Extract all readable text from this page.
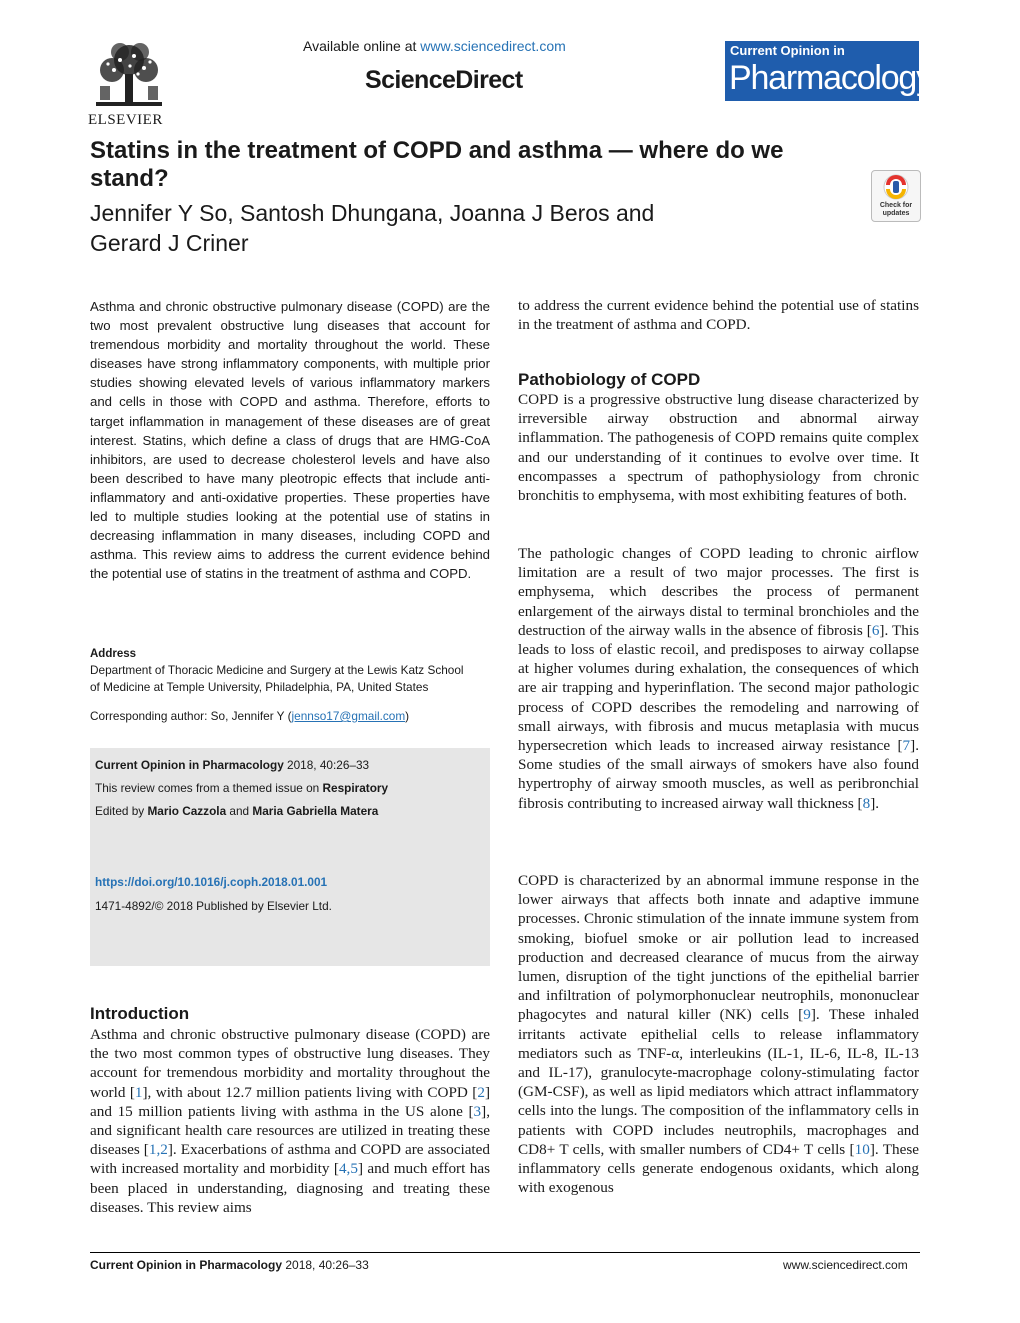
ELSEVIER
Available online at www.sciencedirect.com
ScienceDirect
Current Opinion in
Pharmacology
Statins in the treatment of COPD and asthma — where do we stand?
Jennifer Y So, Santosh Dhungana, Joanna J Beros and
Gerard J Criner
Check for updates
Asthma and chronic obstructive pulmonary disease (COPD) are the two most prevalent obstructive lung diseases that account for tremendous morbidity and mortality throughout the world. These diseases have strong inflammatory components, with multiple prior studies showing elevated levels of various inflammatory markers and cells in those with COPD and asthma. Therefore, efforts to target inflammation in management of these diseases are of great interest. Statins, which define a class of drugs that are HMG-CoA inhibitors, are used to decrease cholesterol levels and have also been described to have many pleotropic effects that include anti-inflammatory and anti-oxidative properties. These properties have led to multiple studies looking at the potential use of statins in decreasing inflammation in many diseases, including COPD and asthma. This review aims to address the current evidence behind the potential use of statins in the treatment of asthma and COPD.
Address
Department of Thoracic Medicine and Surgery at the Lewis Katz School
of Medicine at Temple University, Philadelphia, PA, United States
Corresponding author: So, Jennifer Y (jennso17@gmail.com)
Current Opinion in Pharmacology 2018, 40:26–33
This review comes from a themed issue on Respiratory
Edited by Mario Cazzola and Maria Gabriella Matera
https://doi.org/10.1016/j.coph.2018.01.001
1471-4892/© 2018 Published by Elsevier Ltd.
Introduction
Asthma and chronic obstructive pulmonary disease (COPD) are the two most common types of obstructive lung diseases. They account for tremendous morbidity and mortality throughout the world [1], with about 12.7 million patients living with COPD [2] and 15 million patients living with asthma in the US alone [3], and significant health care resources are utilized in treating these diseases [1,2]. Exacerbations of asthma and COPD are associated with increased mortality and morbidity [4,5] and much effort has been placed in understanding, diagnosing and treating these diseases. This review aims
to address the current evidence behind the potential use of statins in the treatment of asthma and COPD.
Pathobiology of COPD
COPD is a progressive obstructive lung disease characterized by irreversible airway obstruction and abnormal airway inflammation. The pathogenesis of COPD remains quite complex and our understanding of it continues to evolve over time. It encompasses a spectrum of pathophysiology from chronic bronchitis to emphysema, with most exhibiting features of both.
The pathologic changes of COPD leading to chronic airflow limitation are a result of two major processes. The first is emphysema, which describes the process of permanent enlargement of the airways distal to terminal bronchioles and the destruction of the airway walls in the absence of fibrosis [6]. This leads to loss of elastic recoil, and predisposes to airway collapse at higher volumes during exhalation, the consequences of which are air trapping and hyperinflation. The second major pathologic process of COPD describes the remodeling and narrowing of small airways, with fibrosis and mucus metaplasia with mucus hypersecretion which leads to increased airway resistance [7]. Some studies of the small airways of smokers have also found hypertrophy of airway smooth muscles, as well as peribronchial fibrosis contributing to increased airway wall thickness [8].
COPD is characterized by an abnormal immune response in the lower airways that affects both innate and adaptive immune processes. Chronic stimulation of the innate immune system from smoking, biofuel smoke or air pollution lead to increased production and decreased clearance of mucus from the airway lumen, disruption of the tight junctions of the epithelial barrier and infiltration of polymorphonuclear neutrophils, mononuclear phagocytes and natural killer (NK) cells [9]. These inhaled irritants activate epithelial cells to release inflammatory mediators such as TNF-α, interleukins (IL-1, IL-6, IL-8, IL-13 and IL-17), granulocyte-macrophage colony-stimulating factor (GM-CSF), as well as lipid mediators which attract inflammatory cells into the lungs. The composition of the inflammatory cells in patients with COPD includes neutrophils, macrophages and CD8+ T cells, with smaller numbers of CD4+ T cells [10]. These inflammatory cells generate endogenous oxidants, which along with exogenous
Current Opinion in Pharmacology 2018, 40:26–33	www.sciencedirect.com
